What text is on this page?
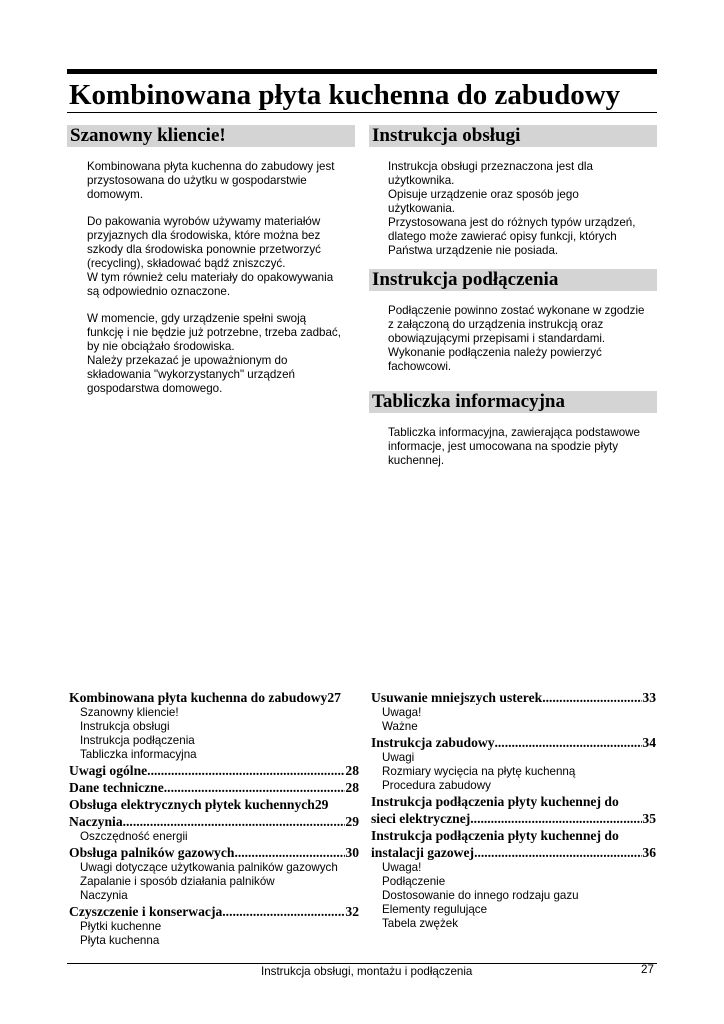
Kombinowana płyta kuchenna do zabudowy
Szanowny kliencie!
Kombinowana płyta kuchenna do zabudowy jest
przystosowana do użytku w gospodarstwie
domowym.
Do pakowania wyrobów używamy materiałów
przyjaznych dla środowiska, które można bez
szkody dla środowiska ponownie przetworzyć
(recycling), składować bądź zniszczyć.
W tym również celu materiały do opakowywania
są odpowiednio oznaczone.
W momencie, gdy urządzenie spełni swoją
funkcję i nie będzie już potrzebne, trzeba zadbać,
by nie obciążało środowiska.
Należy przekazać je upoważnionym do
składowania "wykorzystanych" urządzeń
gospodarstwa domowego.
Instrukcja obsługi
Instrukcja obsługi przeznaczona jest dla
użytkownika.
Opisuje urządzenie oraz sposób jego
użytkowania.
Przystosowana jest do różnych typów urządzeń,
dlatego może zawierać opisy funkcji, których
Państwa urządzenie nie posiada.
Instrukcja podłączenia
Podłączenie powinno zostać wykonane w zgodzie
z załączoną do urządzenia instrukcją oraz
obowiązującymi przepisami i standardami.
Wykonanie podłączenia należy powierzyć
fachowcowi.
Tabliczka informacyjna
Tabliczka informacyjna, zawierająca podstawowe
informacje, jest umocowana na spodzie płyty
kuchennej.
Kombinowana płyta kuchenna do zabudowy 27
Szanowny kliencie!
Instrukcja obsługi
Instrukcja podłączenia
Tabliczka informacyjna
Uwagi ogólne .....	28
Dane techniczne .....	28
Obsługa elektrycznych płytek kuchennych 29
Naczynia .....	29
Oszczędność energii
Obsługa palników gazowych .....	30
Uwagi dotyczące użytkowania palników gazowych
Zapalanie i sposób działania palników
Naczynia
Czyszczenie i konserwacja .....	32
Płytki kuchenne
Płyta kuchenna
Usuwanie mniejszych usterek .....	33
Uwaga!
Ważne
Instrukcja zabudowy .....	34
Uwagi
Rozmiary wycięcia na płytę kuchenną
Procedura zabudowy
Instrukcja podłączenia płyty kuchennej do
sieci elektrycznej .....	35
Instrukcja podłączenia płyty kuchennej do
instalacji gazowej .....	36
Uwaga!
Podłączenie
Dostosowanie do innego rodzaju gazu
Elementy regulujące
Tabela zwężek
Instrukcja obsługi, montażu i podłączenia	27
